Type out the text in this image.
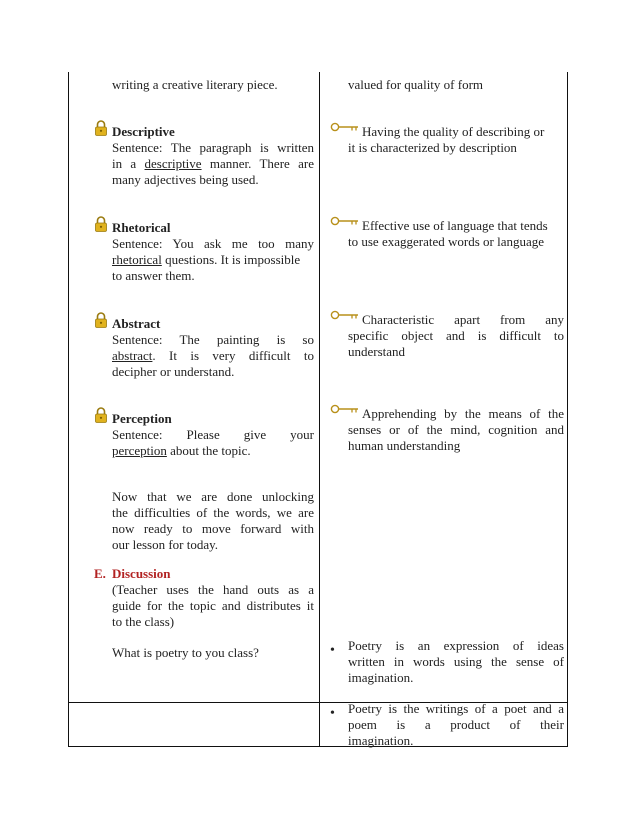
writing a creative literary piece.
Descriptive
Sentence: The paragraph is written
in a descriptive manner. There are
many adjectives being used.
Rhetorical
Sentence: You ask me too many
rhetorical questions. It is impossible
to answer them.
Abstract
Sentence: The painting is so
abstract. It is very difficult to
decipher or understand.
Perception
Sentence: Please give your
perception about the topic.
Now that we are done unlocking
the difficulties of the words, we are
now ready to move forward with
our lesson for today.
E. Discussion
(Teacher uses the hand outs as a
guide for the topic and distributes it
to the class)
What is poetry to you class?
valued for quality of form
Having the quality of describing or
it is characterized by description
Effective use of language that tends
to use exaggerated words or language
Characteristic apart from any
specific object and is difficult to
understand
Apprehending by the means of the
senses or of the mind, cognition and
human understanding
• Poetry is an expression of ideas
written in words using the sense of
imagination.
• Poetry is the writings of a poet and a
poem is a product of their
imagination.
